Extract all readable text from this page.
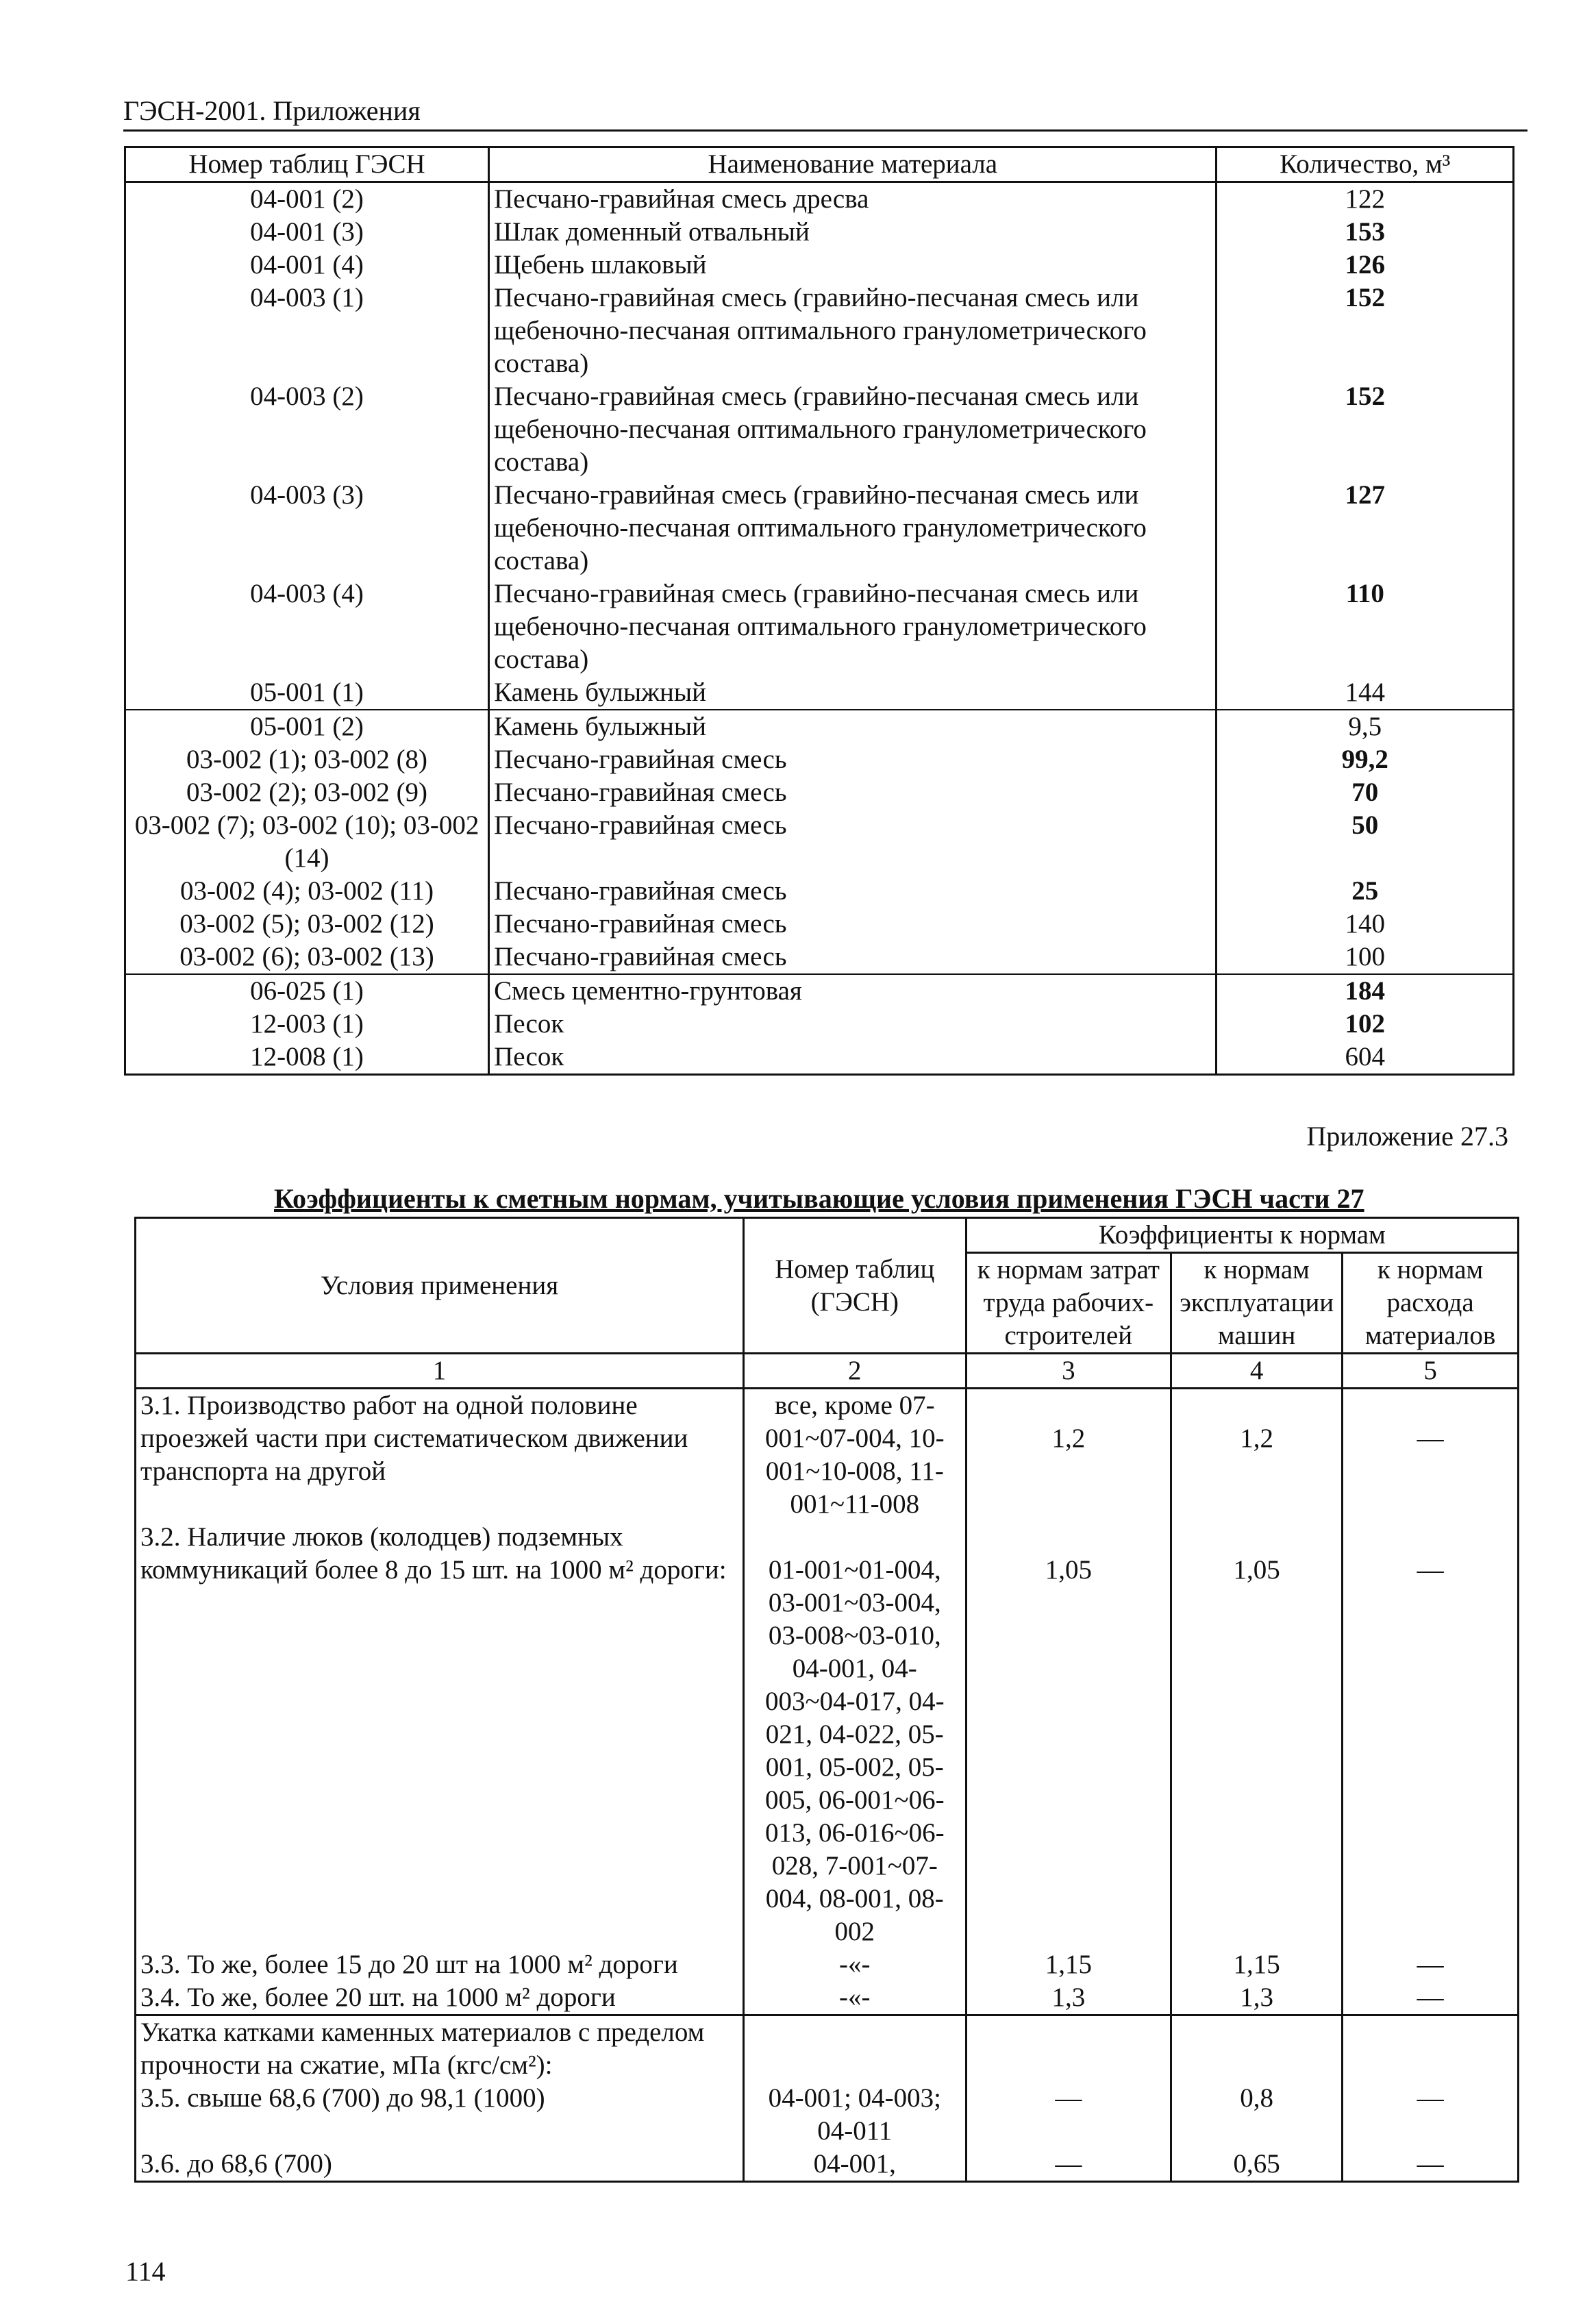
ГЭСН-2001. Приложения
Номер таблиц ГЭСН	Наименование материала	Количество, м³
04-001 (2)	Песчано-гравийная смесь дресва	122
04-001 (3)	Шлак доменный отвальный	153
04-001 (4)	Щебень шлаковый	126
04-003 (1)	Песчано-гравийная смесь (гравийно-песчаная смесь или щебеночно-песчаная оптимального гранулометрического состава)	152
04-003 (2)	Песчано-гравийная смесь (гравийно-песчаная смесь или щебеночно-песчаная оптимального гранулометрического состава)	152
04-003 (3)	Песчано-гравийная смесь (гравийно-песчаная смесь или щебеночно-песчаная оптимального гранулометрического состава)	127
04-003 (4)	Песчано-гравийная смесь (гравийно-песчаная смесь или щебеночно-песчаная оптимального гранулометрического состава)	110
05-001 (1)	Камень булыжный	144
05-001 (2)	Камень булыжный	9,5
03-002 (1); 03-002 (8)	Песчано-гравийная смесь	99,2
03-002 (2); 03-002 (9)	Песчано-гравийная смесь	70
03-002 (7); 03-002 (10); 03-002 (14)	Песчано-гравийная смесь	50
03-002 (4); 03-002 (11)	Песчано-гравийная смесь	25
03-002 (5); 03-002 (12)	Песчано-гравийная смесь	140
03-002 (6); 03-002 (13)	Песчано-гравийная смесь	100
06-025 (1)	Смесь цементно-грунтовая	184
12-003 (1)	Песок	102
12-008 (1)	Песок	604
Приложение 27.3
Коэффициенты к сметным нормам, учитывающие условия применения ГЭСН части 27
Условия применения	Номер таблиц (ГЭСН)	Коэффициенты к нормам		
		к нормам затрат труда рабочих-строителей	к нормам эксплуатации машин	к нормам расхода материалов
1	2	3	4	5
3.1. Производство работ на одной половине проезжей части при систематическом движении транспорта на другой	все, кроме 07-001~07-004, 10-001~10-008, 11-001~11-008	1,2	1,2	—
3.2. Наличие люков (колодцев) подземных коммуникаций более 8 до 15 шт. на 1000 м² дороги:	01-001~01-004, 03-001~03-004, 03-008~03-010, 04-001, 04-003~04-017, 04-021, 04-022, 05-001, 05-002, 05-005, 06-001~06-013, 06-016~06-028, 7-001~07-004, 08-001, 08-002	1,05	1,05	—
3.3. То же, более 15 до 20 шт на 1000 м² дороги	-«-	1,15	1,15	—
3.4. То же, более 20 шт. на 1000 м² дороги	-«-	1,3	1,3	—
Укатка катками каменных материалов с пределом прочности на сжатие, мПа (кгс/см²):				
3.5. свыше 68,6 (700) до 98,1 (1000)	04-001; 04-003; 04-011	—	0,8	—
3.6. до 68,6 (700)	04-001,	—	0,65	—
114
